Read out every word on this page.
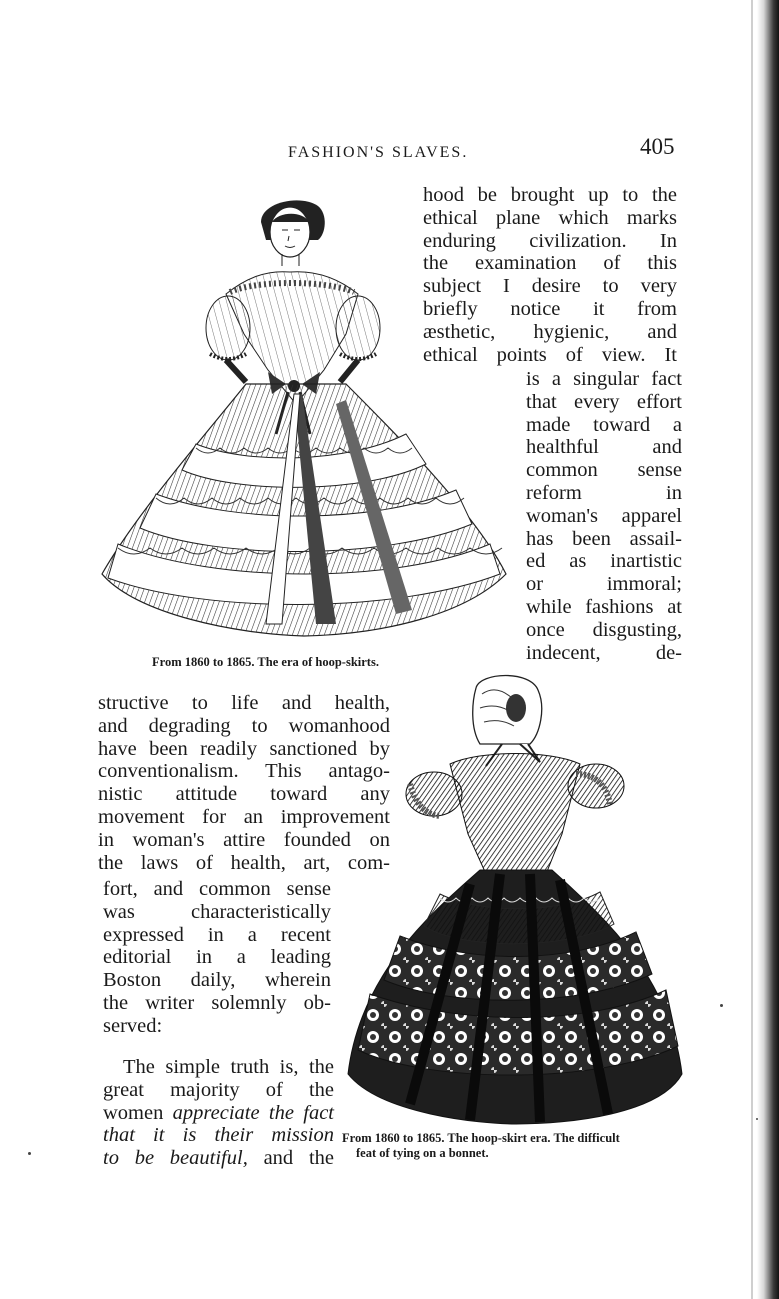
FASHION'S SLAVES.	405
hood be brought up to the
ethical plane which marks
enduring civilization. In
the examination of this
subject I desire to very
briefly notice it from
æsthetic, hygienic, and
ethical points of view. It
is a singular fact
that every effort
made toward a
healthful and
common sense
reform in
woman's apparel
has been assail-
ed as inartistic
or immoral;
while fashions at
once disgusting,
indecent, de-
From 1860 to 1865. The era of hoop-skirts.
structive to life and health,
and degrading to womanhood
have been readily sanctioned by
conventionalism. This antago-
nistic attitude toward any
movement for an improvement
in woman's attire founded on
the laws of health, art, com-
fort, and common sense
was characteristically
expressed in a recent
editorial in a leading
Boston daily, wherein
the writer solemnly ob-
served:
The simple truth is, the
great majority of the
women appreciate the fact
that it is their mission
to be beautiful, and the
From 1860 to 1865. The hoop-skirt era. The difficult
feat of tying on a bonnet.
